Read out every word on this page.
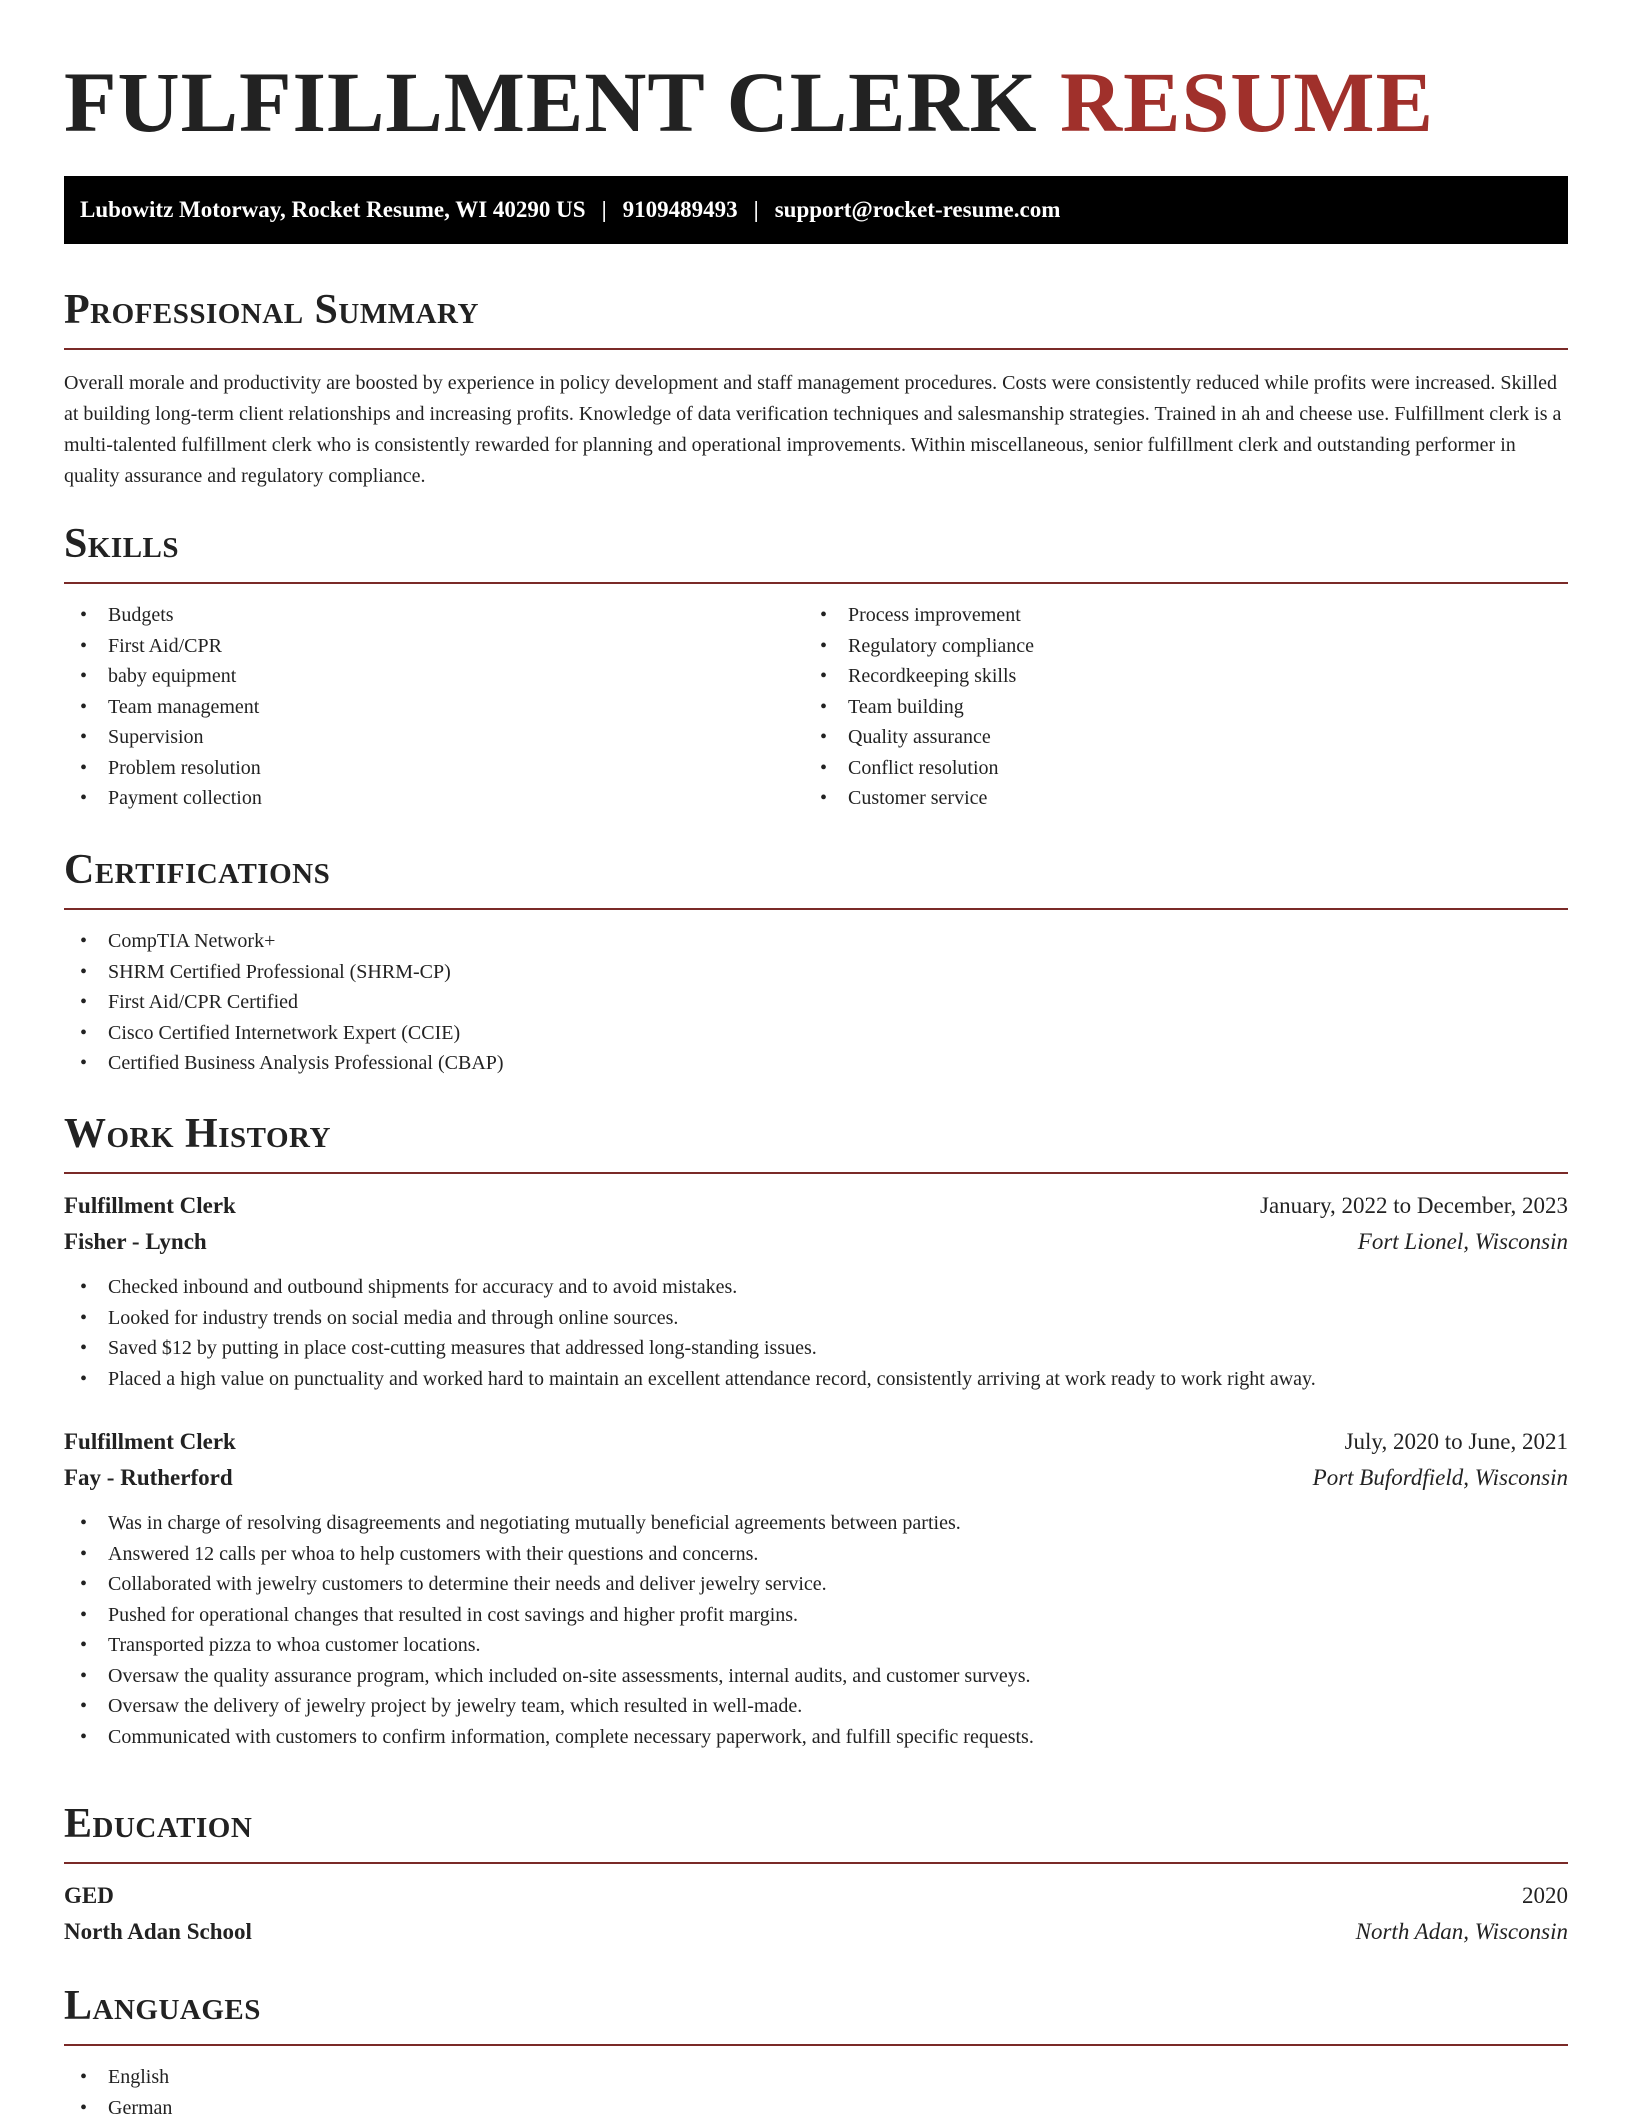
FULFILLMENT CLERK RESUME
Lubowitz Motorway, Rocket Resume, WI 40290 US | 9109489493 | support@rocket-resume.com
Professional Summary

Overall morale and productivity are boosted by experience in policy development and staff management procedures. Costs were consistently reduced while profits were increased. Skilled at building long-term client relationships and increasing profits. Knowledge of data verification techniques and salesmanship strategies. Trained in ah and cheese use. Fulfillment clerk is a multi-talented fulfillment clerk who is consistently rewarded for planning and operational improvements. Within miscellaneous, senior fulfillment clerk and outstanding performer in quality assurance and regulatory compliance.

Skills
• Budgets
• First Aid/CPR
• baby equipment
• Team management
• Supervision
• Problem resolution
• Payment collection
• Process improvement
• Regulatory compliance
• Recordkeeping skills
• Team building
• Quality assurance
• Conflict resolution
• Customer service
Certifications
• CompTIA Network+
• SHRM Certified Professional (SHRM-CP)
• First Aid/CPR Certified
• Cisco Certified Internetwork Expert (CCIE)
• Certified Business Analysis Professional (CBAP)
Work History
Fulfillment Clerk	January, 2022 to December, 2023
Fisher - Lynch	Fort Lionel, Wisconsin
• Checked inbound and outbound shipments for accuracy and to avoid mistakes.
• Looked for industry trends on social media and through online sources.
• Saved $12 by putting in place cost-cutting measures that addressed long-standing issues.
• Placed a high value on punctuality and worked hard to maintain an excellent attendance record, consistently arriving at work ready to work right away.
Fulfillment Clerk	July, 2020 to June, 2021
Fay - Rutherford	Port Bufordfield, Wisconsin
• Was in charge of resolving disagreements and negotiating mutually beneficial agreements between parties.
• Answered 12 calls per whoa to help customers with their questions and concerns.
• Collaborated with jewelry customers to determine their needs and deliver jewelry service.
• Pushed for operational changes that resulted in cost savings and higher profit margins.
• Transported pizza to whoa customer locations.
• Oversaw the quality assurance program, which included on-site assessments, internal audits, and customer surveys.
• Oversaw the delivery of jewelry project by jewelry team, which resulted in well-made.
• Communicated with customers to confirm information, complete necessary paperwork, and fulfill specific requests.
Education
GED	2020
North Adan School	North Adan, Wisconsin
Languages
• English
• German
